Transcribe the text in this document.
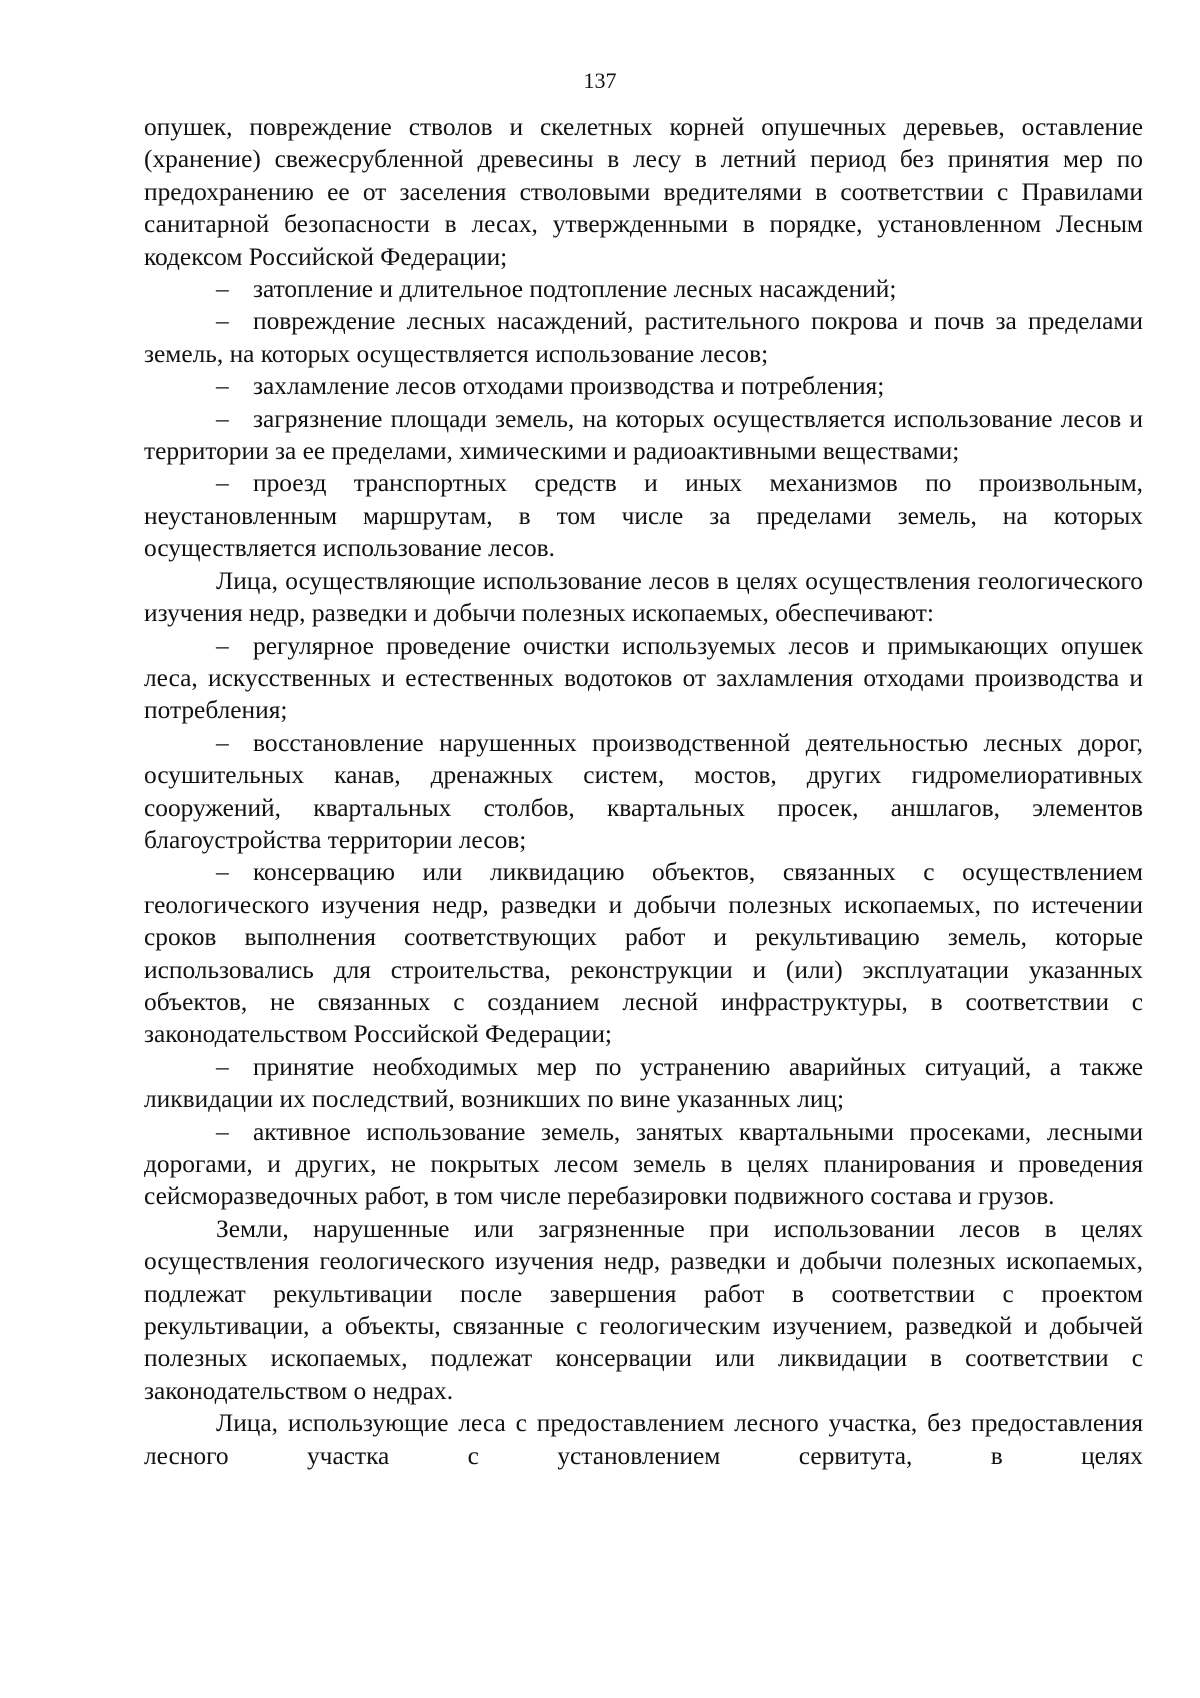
137

опушек, повреждение стволов и скелетных корней опушечных деревьев, оставление (хранение) свежесрубленной древесины в лесу в летний период без принятия мер по предохранению ее от заселения стволовыми вредителями в соответствии с Правилами санитарной безопасности в лесах, утвержденными в порядке, установленном Лесным кодексом Российской Федерации;

– затопление и длительное подтопление лесных насаждений;

– повреждение лесных насаждений, растительного покрова и почв за пределами земель, на которых осуществляется использование лесов;

– захламление лесов отходами производства и потребления;

– загрязнение площади земель, на которых осуществляется использование лесов и территории за ее пределами, химическими и радиоактивными веществами;

– проезд транспортных средств и иных механизмов по произвольным, неустановленным маршрутам, в том числе за пределами земель, на которых осуществляется использование лесов.

Лица, осуществляющие использование лесов в целях осуществления геологического изучения недр, разведки и добычи полезных ископаемых, обеспечивают:

– регулярное проведение очистки используемых лесов и примыкающих опушек леса, искусственных и естественных водотоков от захламления отходами производства и потребления;

– восстановление нарушенных производственной деятельностью лесных дорог, осушительных канав, дренажных систем, мостов, других гидромелиоративных сооружений, квартальных столбов, квартальных просек, аншлагов, элементов благоустройства территории лесов;

– консервацию или ликвидацию объектов, связанных с осуществлением геологического изучения недр, разведки и добычи полезных ископаемых, по истечении сроков выполнения соответствующих работ и рекультивацию земель, которые использовались для строительства, реконструкции и (или) эксплуатации указанных объектов, не связанных с созданием лесной инфраструктуры, в соответствии с законодательством Российской Федерации;

– принятие необходимых мер по устранению аварийных ситуаций, а также ликвидации их последствий, возникших по вине указанных лиц;

– активное использование земель, занятых квартальными просеками, лесными дорогами, и других, не покрытых лесом земель в целях планирования и проведения сейсморазведочных работ, в том числе перебазировки подвижного состава и грузов.

Земли, нарушенные или загрязненные при использовании лесов в целях осуществления геологического изучения недр, разведки и добычи полезных ископаемых, подлежат рекультивации после завершения работ в соответствии с проектом рекультивации, а объекты, связанные с геологическим изучением, разведкой и добычей полезных ископаемых, подлежат консервации или ликвидации в соответствии с законодательством о недрах.

Лица, использующие леса с предоставлением лесного участка, без предоставления лесного участка с установлением сервитута, в целях
